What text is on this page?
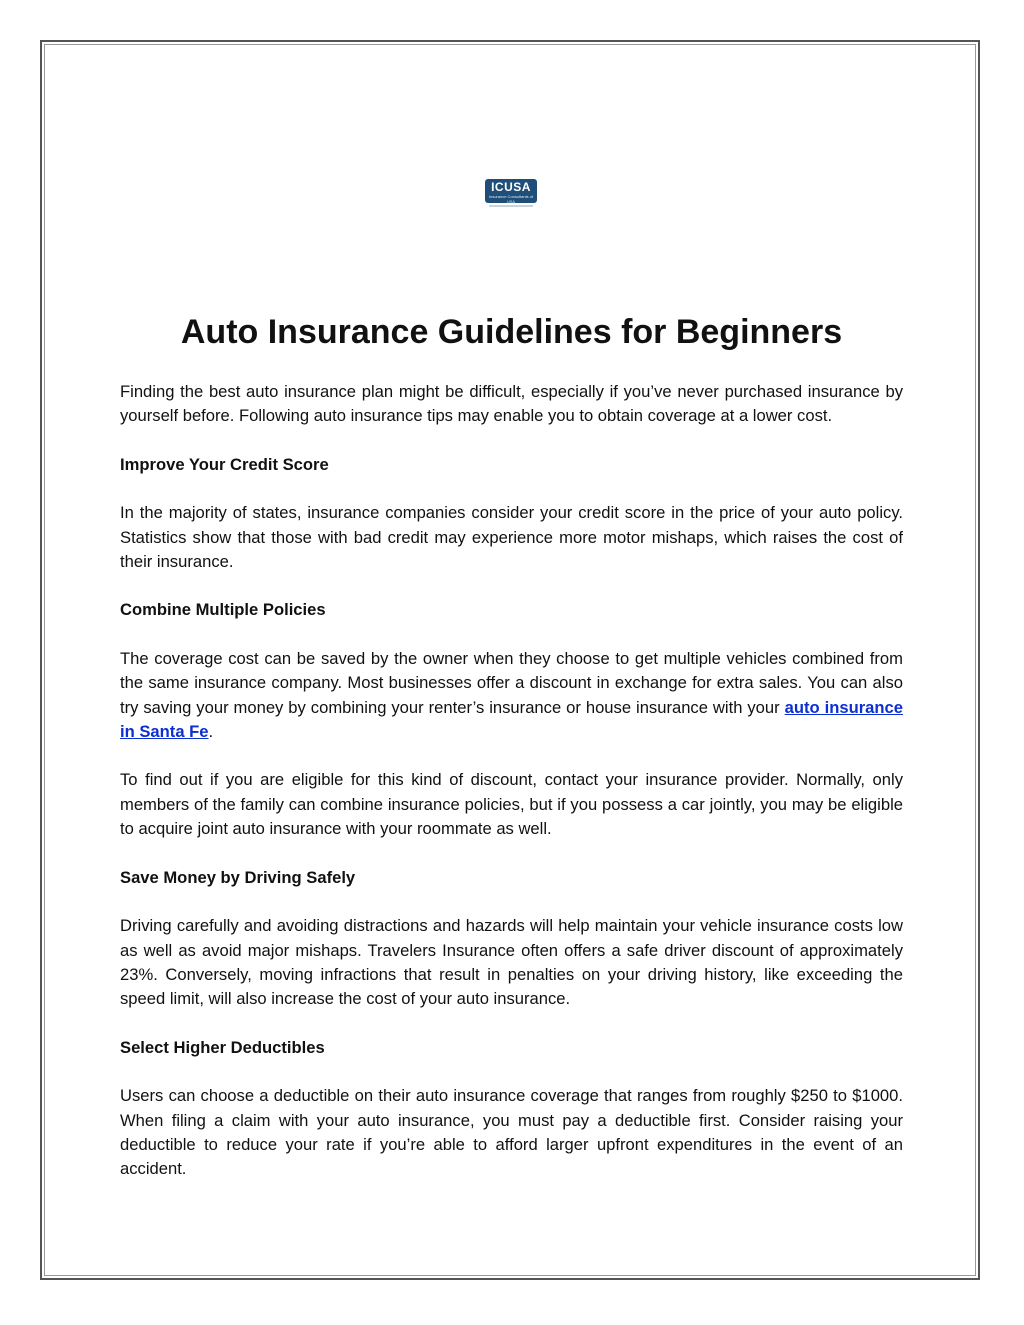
ICUSA
Insurance Consultants of USA
Auto Insurance Guidelines for Beginners

Finding the best auto insurance plan might be difficult, especially if you’ve never purchased insurance by yourself before. Following auto insurance tips may enable you to obtain coverage at a lower cost.

Improve Your Credit Score

In the majority of states, insurance companies consider your credit score in the price of your auto policy. Statistics show that those with bad credit may experience more motor mishaps, which raises the cost of their insurance.

Combine Multiple Policies

The coverage cost can be saved by the owner when they choose to get multiple vehicles combined from the same insurance company. Most businesses offer a discount in exchange for extra sales. You can also try saving your money by combining your renter’s insurance or house insurance with your auto insurance in Santa Fe.

To find out if you are eligible for this kind of discount, contact your insurance provider. Normally, only members of the family can combine insurance policies, but if you possess a car jointly, you may be eligible to acquire joint auto insurance with your roommate as well.

Save Money by Driving Safely

Driving carefully and avoiding distractions and hazards will help maintain your vehicle insurance costs low as well as avoid major mishaps. Travelers Insurance often offers a safe driver discount of approximately 23%. Conversely, moving infractions that result in penalties on your driving history, like exceeding the speed limit, will also increase the cost of your auto insurance.

Select Higher Deductibles

Users can choose a deductible on their auto insurance coverage that ranges from roughly $250 to $1000. When filing a claim with your auto insurance, you must pay a deductible first. Consider raising your deductible to reduce your rate if you’re able to afford larger upfront expenditures in the event of an accident.
